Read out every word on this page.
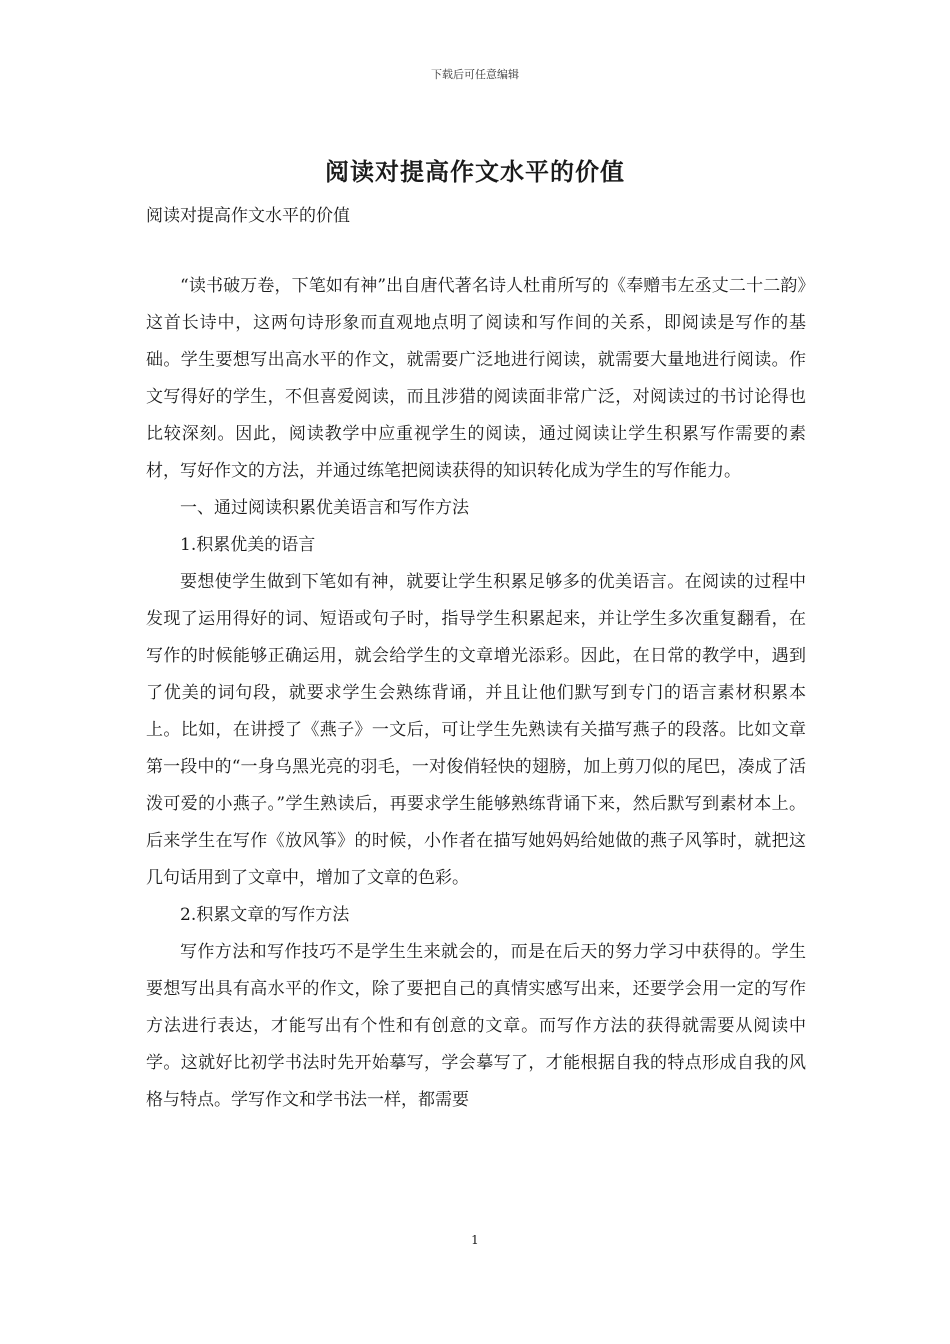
下载后可任意编辑
阅读对提高作文水平的价值
阅读对提高作文水平的价值

“读书破万卷，下笔如有神”出自唐代著名诗人杜甫所写的《奉赠韦左丞丈二十二韵》这首长诗中，这两句诗形象而直观地点明了阅读和写作间的关系，即阅读是写作的基础。学生要想写出高水平的作文，就需要广泛地进行阅读，就需要大量地进行阅读。作文写得好的学生，不但喜爱阅读，而且涉猎的阅读面非常广泛，对阅读过的书讨论得也比较深刻。因此，阅读教学中应重视学生的阅读，通过阅读让学生积累写作需要的素材，写好作文的方法，并通过练笔把阅读获得的知识转化成为学生的写作能力。

一、通过阅读积累优美语言和写作方法

1.积累优美的语言

要想使学生做到下笔如有神，就要让学生积累足够多的优美语言。在阅读的过程中发现了运用得好的词、短语或句子时，指导学生积累起来，并让学生多次重复翻看，在写作的时候能够正确运用，就会给学生的文章增光添彩。因此，在日常的教学中，遇到了优美的词句段，就要求学生会熟练背诵，并且让他们默写到专门的语言素材积累本上。比如，在讲授了《燕子》一文后，可让学生先熟读有关描写燕子的段落。比如文章第一段中的“一身乌黑光亮的羽毛，一对俊俏轻快的翅膀，加上剪刀似的尾巴，凑成了活泼可爱的小燕子。”学生熟读后，再要求学生能够熟练背诵下来，然后默写到素材本上。后来学生在写作《放风筝》的时候，小作者在描写她妈妈给她做的燕子风筝时，就把这几句话用到了文章中，增加了文章的色彩。

2.积累文章的写作方法

写作方法和写作技巧不是学生生来就会的，而是在后天的努力学习中获得的。学生要想写出具有高水平的作文，除了要把自己的真情实感写出来，还要学会用一定的写作方法进行表达，才能写出有个性和有创意的文章。而写作方法的获得就需要从阅读中学。这就好比初学书法时先开始摹写，学会摹写了，才能根据自我的特点形成自我的风格与特点。学写作文和学书法一样，都需要

1
